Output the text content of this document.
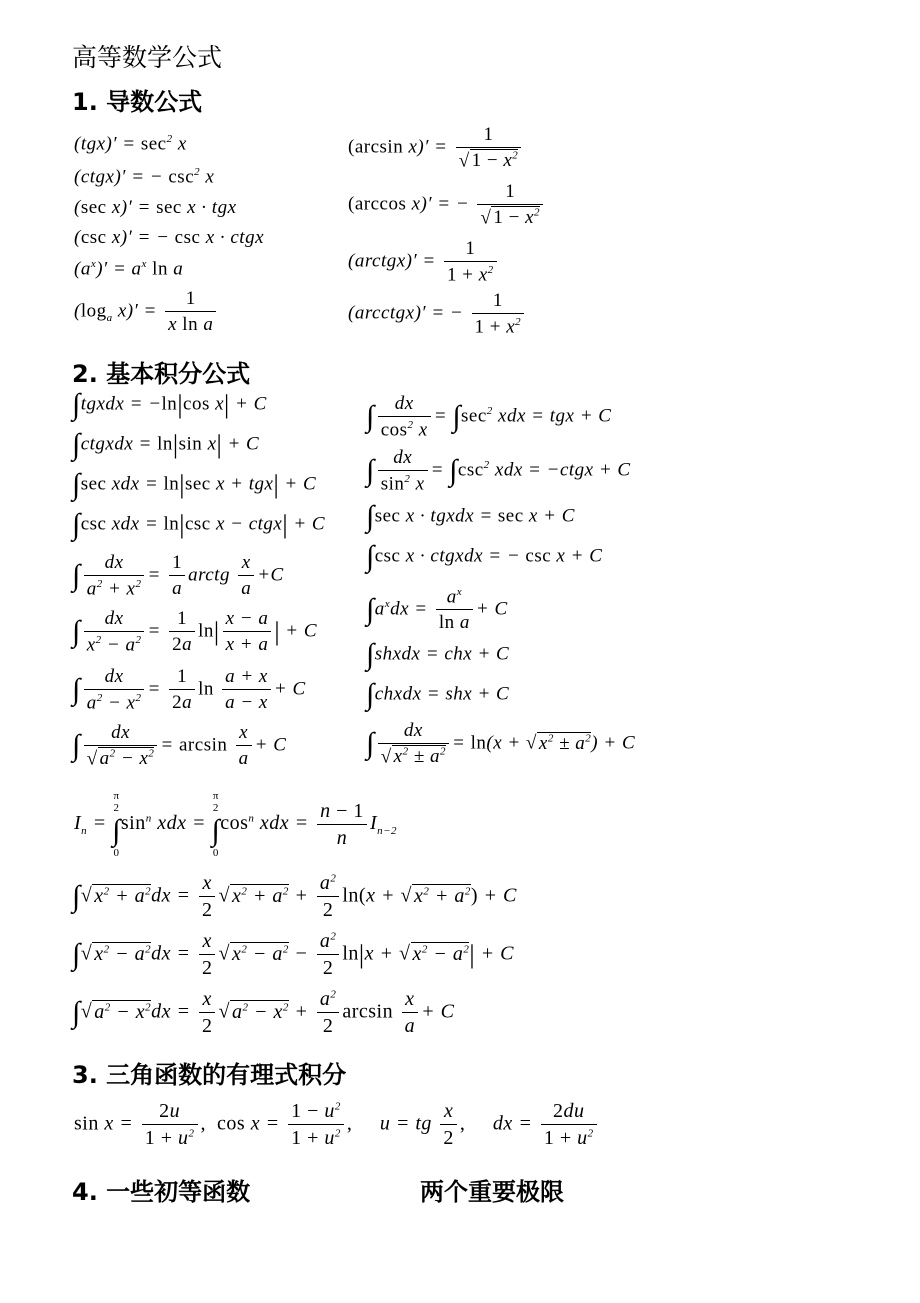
高等数学公式
1. 导数公式
$(tgx)' = \sec^2 x$
(ctgx)′ = − $\csc^2 x$
(sec x)′ = sec x · tgx
(csc x)′ = − csc x · ctgx
$(a^x)' = a^x$ ln a
($\log_a$ $x)' = \frac{1}{\text{x ln a}}$
(arcsin $x)' = \frac{1}{√ 1 - x^2}$
(arccos x)′ = − $\frac{1}{√ 1 - x^2}$
(arctgx)′ = $\frac{1}{1 + x^2}$
(arcctgx)′ = − $\frac{1}{1 + x^2}$
2. 基本积分公式
∫tgxdx = −ln|cos x| + C
∫ctgxdx = ln|sin x| + C
∫sec xdx = ln|sec x + tgx| + C
∫csc xdx = ln|csc x − ctgx| + C
∫ $\frac{dx}{a^2 + x^2} = \frac{1}{a}$ arctg $\frac{x}{a} +C$
∫ $\frac{dx}{x^2 - a^2} = \frac{1}{2a} \ln| \frac{x - a}{x + a}$ | + C
∫ $\frac{dx}{a^2 - x^2} = \frac{1}{2a}$ $\ln \frac{a + x}{a - x} + C$
∫ $\frac{dx}{√ a^2 - x^2} = \arcsin \frac{x}{a} + C$
∫ $\frac{dx}{\cos^2 x} = \int\sec^2$ xdx = tgx + C
∫ $\frac{dx}{\sin^2 x} = \int\csc^2$ xdx = −ctgx + C
∫sec x · tgxdx = sec x + C
∫csc x · ctgxdx = − csc x + C
$\int a^xdx = \frac{a^x}{\text{ln a}} + C$
∫shxdx = chx + C
∫chxdx = shx + C
∫ $\frac{dx}{√ x^2 \pm a^2} = \ln(x$ + √ $x^2 \pm a^2) + C$
$I_n = \pi$
2
∫
$0\sin^n$ xdx = π
2
∫
$0\cos^n$ xdx = $\frac{n - 1}{n} I_{n-2}$
∫√ $x^2 + a^2dx = \frac{x}{2}$ √ $x^2 + a^2 + \frac{a^2}{2} \ln(x$ + √ $x^2 + a^2) + C$
∫√ $x^2 - a^2dx = \frac{x}{2}$ √ $x^2 - a^2 - \frac{a^2}{2} \ln|x$ + √ $x^2 - a^2| + C$
∫√ $a^2 - x^2dx = \frac{x}{2}$ √ $a^2 - x^2 + \frac{a^2}{2}$ $\arcsin \frac{x}{a} + C$
3. 三角函数的有理式积分
$\sin x = \frac{2u}{1 + u^2}$ ,  $\cos x = \frac{1 - u^2}{1 + u^2}$ , u = tg $\frac{x}{2}$ , dx = $\frac{2du}{1 + u^2}$
4. 一些初等函数	两个重要极限
